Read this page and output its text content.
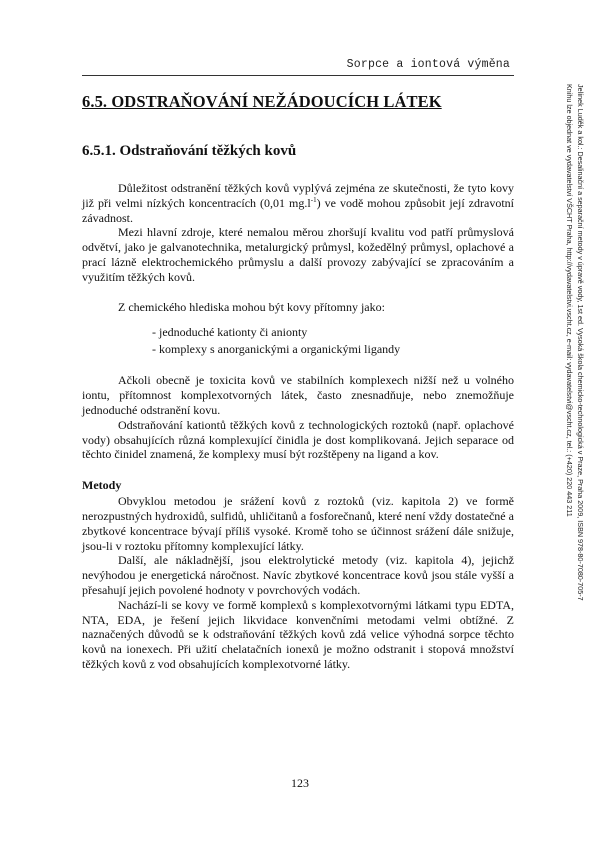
Sorpce a iontová výměna
Jelínek Luděk a kol.: Desalinační a separační metody v úpravě vody, 1st ed. Vysoká škola chemicko-technologická v Praze, Praha 2009, ISBN 978-80-7080-705-7
Knihu lze objednat ve vydavatelství VŠCHT Praha, http://vydavatelstvi.vscht.cz, e-mail: vydavatelstvi@vscht.cz, tel.: (+420) 220 443 211
6.5. ODSTRAŇOVÁNÍ NEŽÁDOUCÍCH LÁTEK
6.5.1. Odstraňování těžkých kovů

Důležitost odstranění těžkých kovů vyplývá zejména ze skutečnosti, že tyto kovy již při velmi nízkých koncentracích (0,01 $mg.l^{-1}$) ve vodě mohou způsobit její zdravotní závadnost.

Mezi hlavní zdroje, které nemalou měrou zhoršují kvalitu vod patří průmyslová odvětví, jako je galvanotechnika, metalurgický průmysl, kožedělný průmysl, oplachové a prací lázně elektrochemického průmyslu a další provozy zabývající se zpracováním a využitím těžkých kovů.

Z chemického hlediska mohou být kovy přítomny jako:

- jednoduché kationty či anionty
- komplexy s anorganickými a organickými ligandy

Ačkoli obecně je toxicita kovů ve stabilních komplexech nižší než u volného iontu, přítomnost komplexotvorných látek, často znesnadňuje, nebo znemožňuje jednoduché odstranění kovu.

Odstraňování kationtů těžkých kovů z technologických roztoků (např. oplachové vody) obsahujících různá komplexující činidla je dost komplikovaná. Jejich separace od těchto činidel znamená, že komplexy musí být rozštěpeny na ligand a kov.

Metody

Obvyklou metodou je srážení kovů z roztoků (viz. kapitola 2) ve formě nerozpustných hydroxidů, sulfidů, uhličitanů a fosforečnanů, které není vždy dostatečné a zbytkové koncentrace bývají příliš vysoké. Kromě toho se účinnost srážení dále snižuje, jsou-li v roztoku přítomny komplexující látky.

Další, ale nákladnější, jsou elektrolytické metody (viz. kapitola 4), jejichž nevýhodou je energetická náročnost. Navíc zbytkové koncentrace kovů jsou stále vyšší a přesahují jejich povolené hodnoty v povrchových vodách.

Nachází-li se kovy ve formě komplexů s komplexotvornými látkami typu EDTA, NTA, EDA, je řešení jejich likvidace konvenčními metodami velmi obtížné. Z naznačených důvodů se k odstraňování těžkých kovů zdá velice výhodná sorpce těchto kovů na ionexech. Při užití chelatačních ionexů je možno odstranit i stopová množství těžkých kovů z vod obsahujících komplexotvorné látky.

123
